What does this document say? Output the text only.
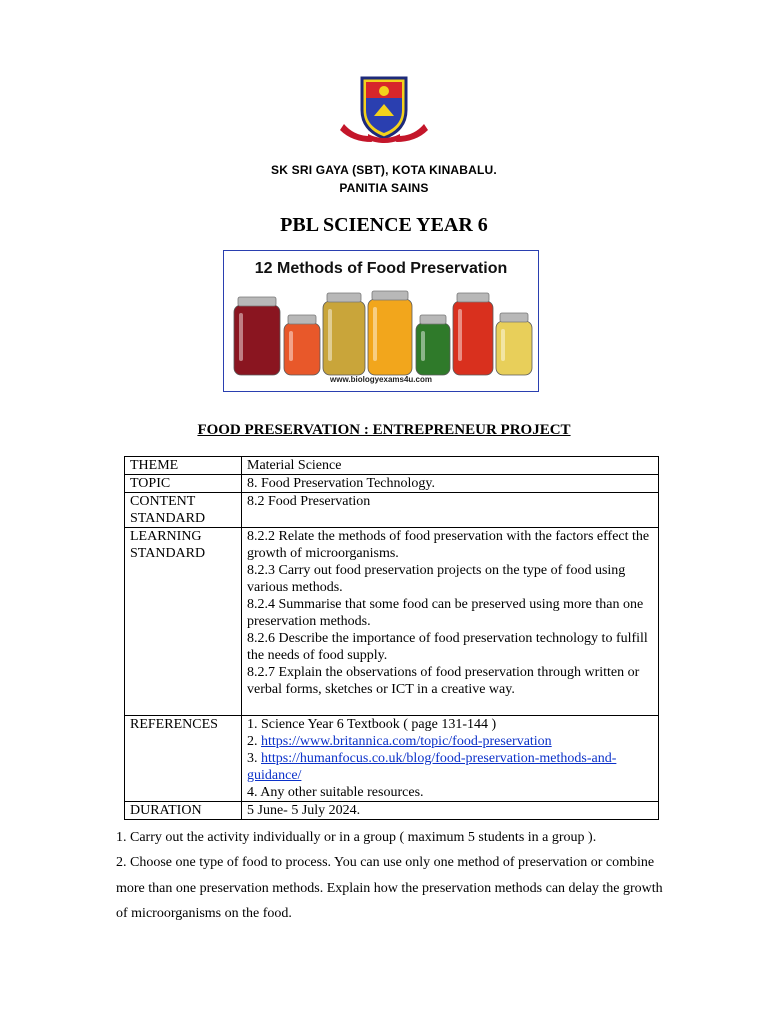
SK SRI GAYA (SBT), KOTA KINABALU.
PANITIA SAINS
PBL SCIENCE YEAR 6
12 Methods of Food Preservation
www.biologyexams4u.com
FOOD PRESERVATION : ENTREPRENEUR PROJECT
THEME	Material Science

TOPIC	8. Food Preservation Technology.

CONTENT STANDARD	8.2 Food Preservation

LEARNING STANDARD	8.2.2 Relate the methods of food preservation with the factors effect the growth of microorganisms.
8.2.3 Carry out food preservation projects on the type of food using various methods.
8.2.4 Summarise that some food can be preserved using more than one preservation methods.
8.2.6 Describe the importance of food preservation technology to fulfill the needs of food supply.
8.2.7 Explain the observations of food preservation through written or verbal forms, sketches or ICT in a creative way.

REFERENCES	1. Science Year 6 Textbook ( page 131-144 )
2. https://www.britannica.com/topic/food-preservation
3. https://humanfocus.co.uk/blog/food-preservation-methods-and-guidance/
4. Any other suitable resources.

DURATION	5 June- 5 July 2024.
1. Carry out the activity individually or in a group ( maximum 5 students in a group ).
2. Choose one type of food to process. You can use only one method of preservation or combine more than one preservation methods. Explain how the preservation methods can delay the growth of microorganisms on the food.
